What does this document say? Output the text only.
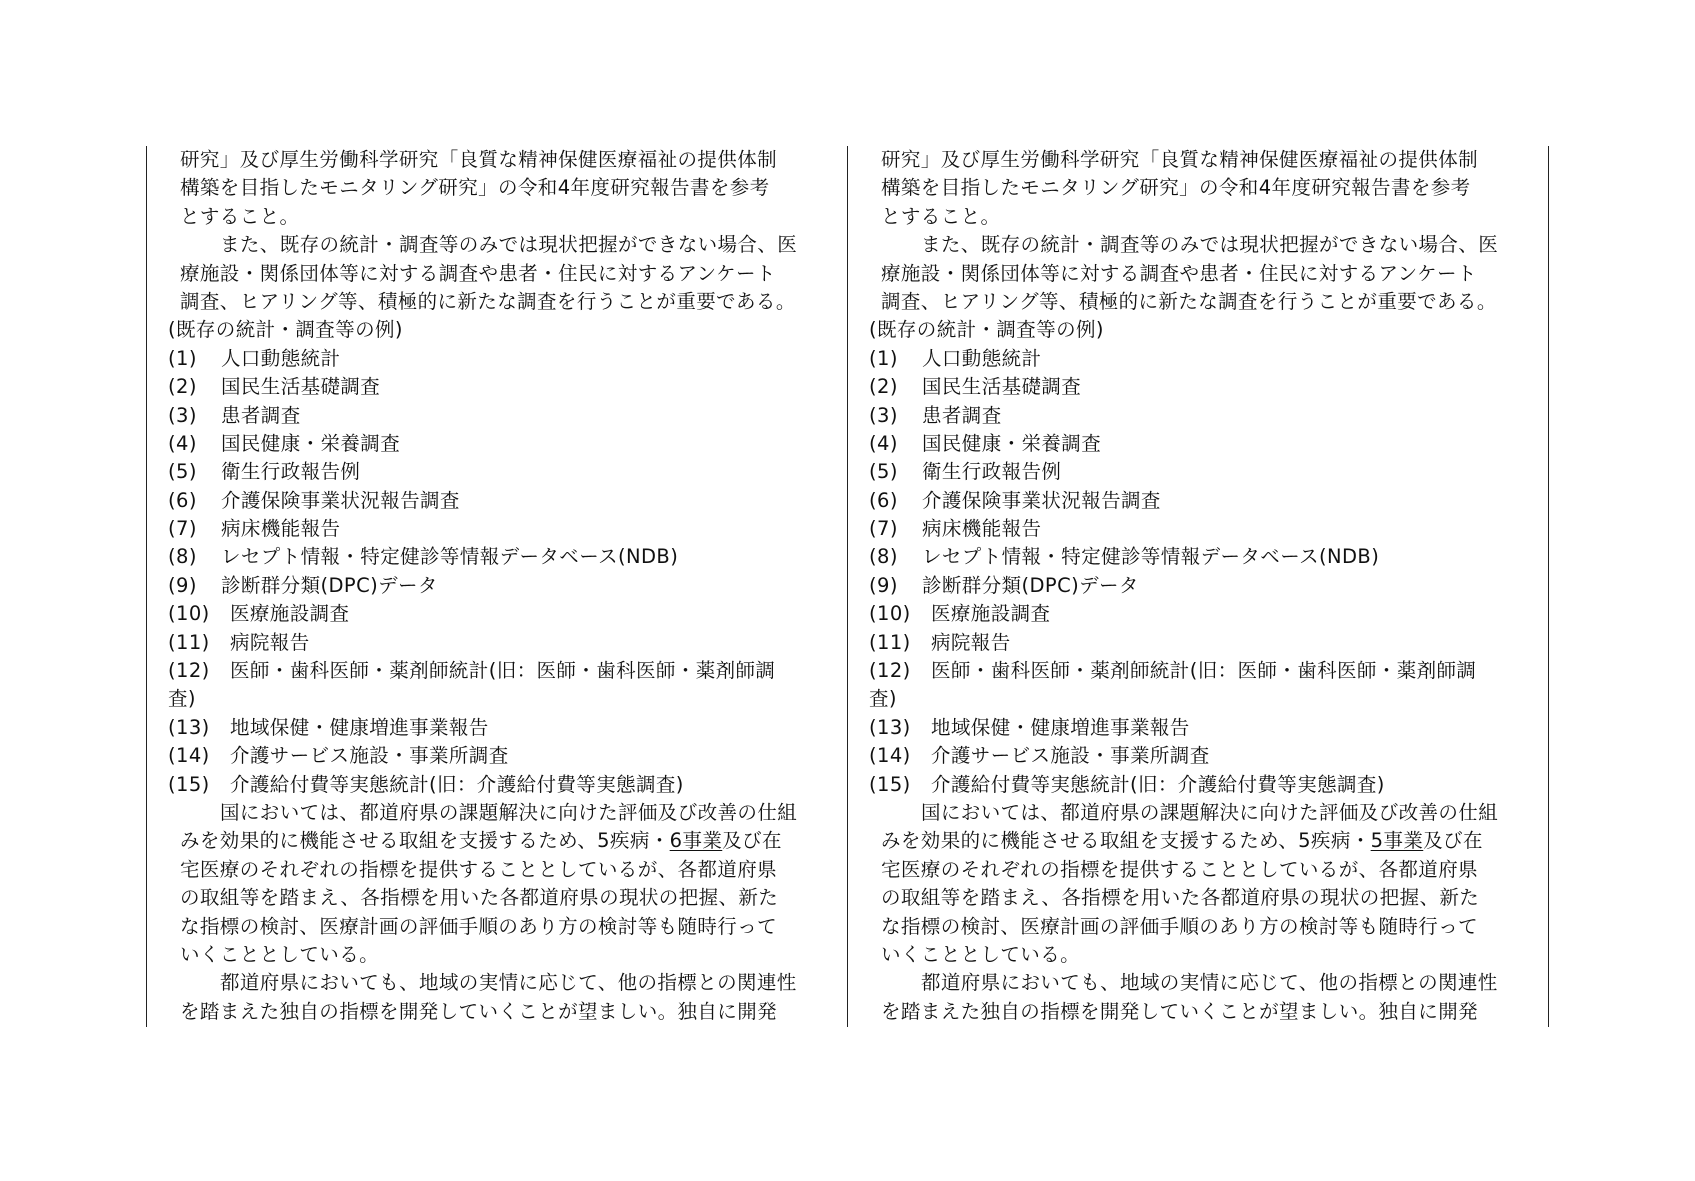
研究」及び厚生労働科学研究「良質な精神保健医療福祉の提供体制
構築を目指したモニタリング研究」の令和4年度研究報告書を参考
とすること。
また、既存の統計・調査等のみでは現状把握ができない場合、医
療施設・関係団体等に対する調査や患者・住民に対するアンケート
調査、ヒアリング等、積極的に新たな調査を行うことが重要である。
(既存の統計・調査等の例)
(1) 人口動態統計
(2) 国民生活基礎調査
(3) 患者調査
(4) 国民健康・栄養調査
(5) 衛生行政報告例
(6) 介護保険事業状況報告調査
(7) 病床機能報告
(8) レセプト情報・特定健診等情報データベース(NDB)
(9) 診断群分類(DPC)データ
(10) 医療施設調査
(11) 病院報告
(12) 医師・歯科医師・薬剤師統計(旧：医師・歯科医師・薬剤師調
査)
(13) 地域保健・健康増進事業報告
(14) 介護サービス施設・事業所調査
(15) 介護給付費等実態統計(旧：介護給付費等実態調査)
国においては、都道府県の課題解決に向けた評価及び改善の仕組
みを効果的に機能させる取組を支援するため、5疾病・6事業及び在
宅医療のそれぞれの指標を提供することとしているが、各都道府県
の取組等を踏まえ、各指標を用いた各都道府県の現状の把握、新た
な指標の検討、医療計画の評価手順のあり方の検討等も随時行って
いくこととしている。
都道府県においても、地域の実情に応じて、他の指標との関連性
を踏まえた独自の指標を開発していくことが望ましい。独自に開発
研究」及び厚生労働科学研究「良質な精神保健医療福祉の提供体制
構築を目指したモニタリング研究」の令和4年度研究報告書を参考
とすること。
また、既存の統計・調査等のみでは現状把握ができない場合、医
療施設・関係団体等に対する調査や患者・住民に対するアンケート
調査、ヒアリング等、積極的に新たな調査を行うことが重要である。
(既存の統計・調査等の例)
(1) 人口動態統計
(2) 国民生活基礎調査
(3) 患者調査
(4) 国民健康・栄養調査
(5) 衛生行政報告例
(6) 介護保険事業状況報告調査
(7) 病床機能報告
(8) レセプト情報・特定健診等情報データベース(NDB)
(9) 診断群分類(DPC)データ
(10) 医療施設調査
(11) 病院報告
(12) 医師・歯科医師・薬剤師統計(旧：医師・歯科医師・薬剤師調
査)
(13) 地域保健・健康増進事業報告
(14) 介護サービス施設・事業所調査
(15) 介護給付費等実態統計(旧：介護給付費等実態調査)
国においては、都道府県の課題解決に向けた評価及び改善の仕組
みを効果的に機能させる取組を支援するため、5疾病・5事業及び在
宅医療のそれぞれの指標を提供することとしているが、各都道府県
の取組等を踏まえ、各指標を用いた各都道府県の現状の把握、新た
な指標の検討、医療計画の評価手順のあり方の検討等も随時行って
いくこととしている。
都道府県においても、地域の実情に応じて、他の指標との関連性
を踏まえた独自の指標を開発していくことが望ましい。独自に開発
